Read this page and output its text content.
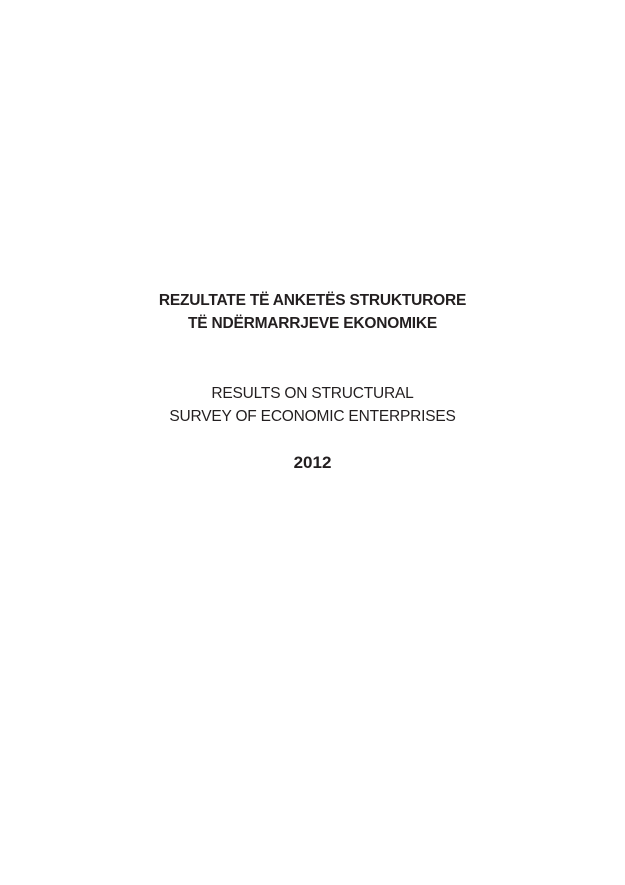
REZULTATE TË ANKETËS STRUKTURORE
TË NDËRMARRJEVE EKONOMIKE
RESULTS ON STRUCTURAL
SURVEY OF ECONOMIC ENTERPRISES
2012
